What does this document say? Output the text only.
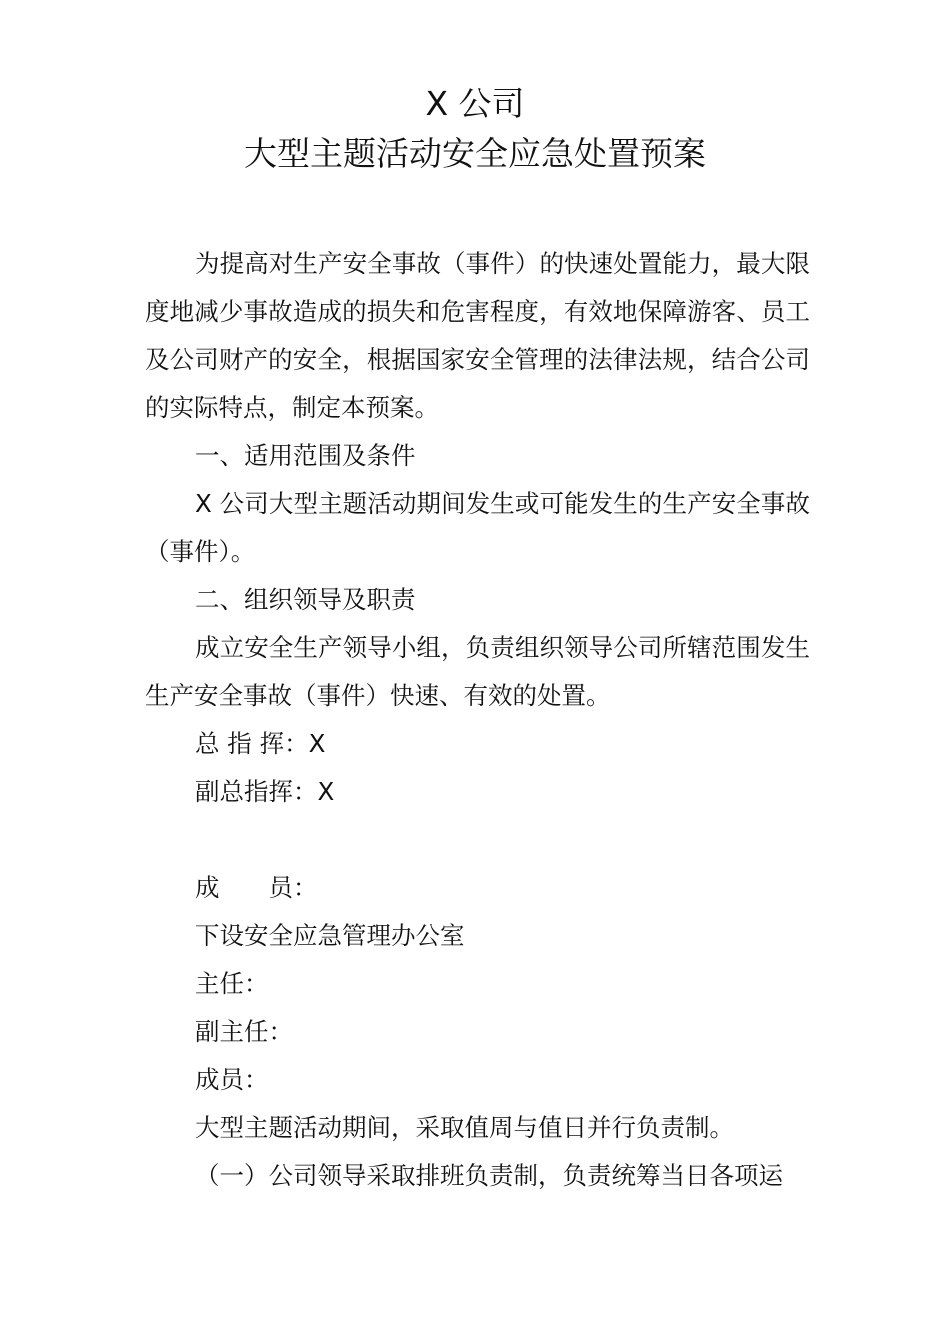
X 公司
大型主题活动安全应急处置预案

为提高对生产安全事故（事件）的快速处置能力，最大限度地减少事故造成的损失和危害程度，有效地保障游客、员工及公司财产的安全，根据国家安全管理的法律法规，结合公司的实际特点，制定本预案。

一、适用范围及条件

X 公司大型主题活动期间发生或可能发生的生产安全事故（事件）。

二、组织领导及职责

成立安全生产领导小组，负责组织领导公司所辖范围发生生产安全事故（事件）快速、有效的处置。

总 指 挥：X

副总指挥：X

成　　员：

下设安全应急管理办公室

主任：

副主任：

成员：

大型主题活动期间，采取值周与值日并行负责制。

（一）公司领导采取排班负责制，负责统筹当日各项运
